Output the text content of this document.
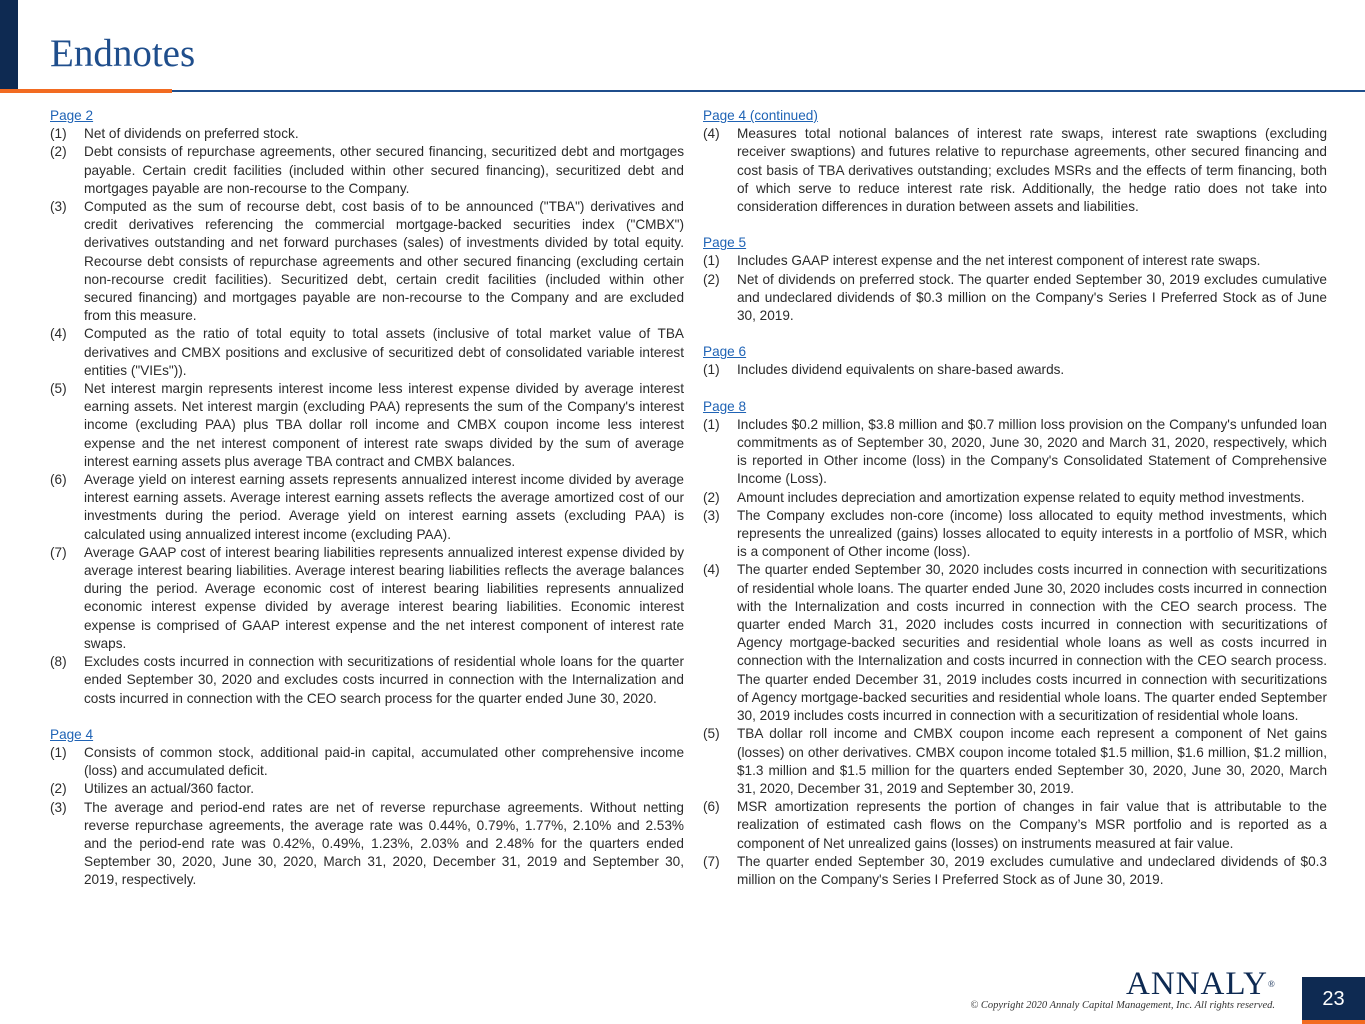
Endnotes
Page 2
(1)	Net of dividends on preferred stock.
(2)	Debt consists of repurchase agreements, other secured financing, securitized debt and mortgages payable. Certain credit facilities (included within other secured financing), securitized debt and mortgages payable are non-recourse to the Company.
(3)	Computed as the sum of recourse debt, cost basis of to be announced ("TBA") derivatives and credit derivatives referencing the commercial mortgage-backed securities index ("CMBX") derivatives outstanding and net forward purchases (sales) of investments divided by total equity. Recourse debt consists of repurchase agreements and other secured financing (excluding certain non-recourse credit facilities). Securitized debt, certain credit facilities (included within other secured financing) and mortgages payable are non-recourse to the Company and are excluded from this measure.
(4)	Computed as the ratio of total equity to total assets (inclusive of total market value of TBA derivatives and CMBX positions and exclusive of securitized debt of consolidated variable interest entities ("VIEs")).
(5)	Net interest margin represents interest income less interest expense divided by average interest earning assets. Net interest margin (excluding PAA) represents the sum of the Company's interest income (excluding PAA) plus TBA dollar roll income and CMBX coupon income less interest expense and the net interest component of interest rate swaps divided by the sum of average interest earning assets plus average TBA contract and CMBX balances.
(6)	Average yield on interest earning assets represents annualized interest income divided by average interest earning assets. Average interest earning assets reflects the average amortized cost of our investments during the period. Average yield on interest earning assets (excluding PAA) is calculated using annualized interest income (excluding PAA).
(7)	Average GAAP cost of interest bearing liabilities represents annualized interest expense divided by average interest bearing liabilities. Average interest bearing liabilities reflects the average balances during the period. Average economic cost of interest bearing liabilities represents annualized economic interest expense divided by average interest bearing liabilities. Economic interest expense is comprised of GAAP interest expense and the net interest component of interest rate swaps.
(8)	Excludes costs incurred in connection with securitizations of residential whole loans for the quarter ended September 30, 2020 and excludes costs incurred in connection with the Internalization and costs incurred in connection with the CEO search process for the quarter ended June 30, 2020.
Page 4
(1)	Consists of common stock, additional paid-in capital, accumulated other comprehensive income (loss) and accumulated deficit.
(2)	Utilizes an actual/360 factor.
(3)	The average and period-end rates are net of reverse repurchase agreements. Without netting reverse repurchase agreements, the average rate was 0.44%, 0.79%, 1.77%, 2.10% and 2.53% and the period-end rate was 0.42%, 0.49%, 1.23%, 2.03% and 2.48% for the quarters ended September 30, 2020, June 30, 2020, March 31, 2020, December 31, 2019 and September 30, 2019, respectively.
Page 4 (continued)
(4)	Measures total notional balances of interest rate swaps, interest rate swaptions (excluding receiver swaptions) and futures relative to repurchase agreements, other secured financing and cost basis of TBA derivatives outstanding; excludes MSRs and the effects of term financing, both of which serve to reduce interest rate risk. Additionally, the hedge ratio does not take into consideration differences in duration between assets and liabilities.
Page 5
(1)	Includes GAAP interest expense and the net interest component of interest rate swaps.
(2)	Net of dividends on preferred stock. The quarter ended September 30, 2019 excludes cumulative and undeclared dividends of $0.3 million on the Company's Series I Preferred Stock as of June 30, 2019.
Page 6
(1)	Includes dividend equivalents on share-based awards.
Page 8
(1)	Includes $0.2 million, $3.8 million and $0.7 million loss provision on the Company's unfunded loan commitments as of September 30, 2020, June 30, 2020 and March 31, 2020, respectively, which is reported in Other income (loss) in the Company's Consolidated Statement of Comprehensive Income (Loss).
(2)	Amount includes depreciation and amortization expense related to equity method investments.
(3)	The Company excludes non-core (income) loss allocated to equity method investments, which represents the unrealized (gains) losses allocated to equity interests in a portfolio of MSR, which is a component of Other income (loss).
(4)	The quarter ended September 30, 2020 includes costs incurred in connection with securitizations of residential whole loans. The quarter ended June 30, 2020 includes costs incurred in connection with the Internalization and costs incurred in connection with the CEO search process. The quarter ended March 31, 2020 includes costs incurred in connection with securitizations of Agency mortgage-backed securities and residential whole loans as well as costs incurred in connection with the Internalization and costs incurred in connection with the CEO search process. The quarter ended December 31, 2019 includes costs incurred in connection with securitizations of Agency mortgage-backed securities and residential whole loans. The quarter ended September 30, 2019 includes costs incurred in connection with a securitization of residential whole loans.
(5)	TBA dollar roll income and CMBX coupon income each represent a component of Net gains (losses) on other derivatives. CMBX coupon income totaled $1.5 million, $1.6 million, $1.2 million, $1.3 million and $1.5 million for the quarters ended September 30, 2020, June 30, 2020, March 31, 2020, December 31, 2019 and September 30, 2019.
(6)	MSR amortization represents the portion of changes in fair value that is attributable to the realization of estimated cash flows on the Company’s MSR portfolio and is reported as a component of Net unrealized gains (losses) on instruments measured at fair value.
(7)	The quarter ended September 30, 2019 excludes cumulative and undeclared dividends of $0.3 million on the Company's Series I Preferred Stock as of June 30, 2019.
ANNALY®
© Copyright 2020 Annaly Capital Management, Inc. All rights reserved.	23
